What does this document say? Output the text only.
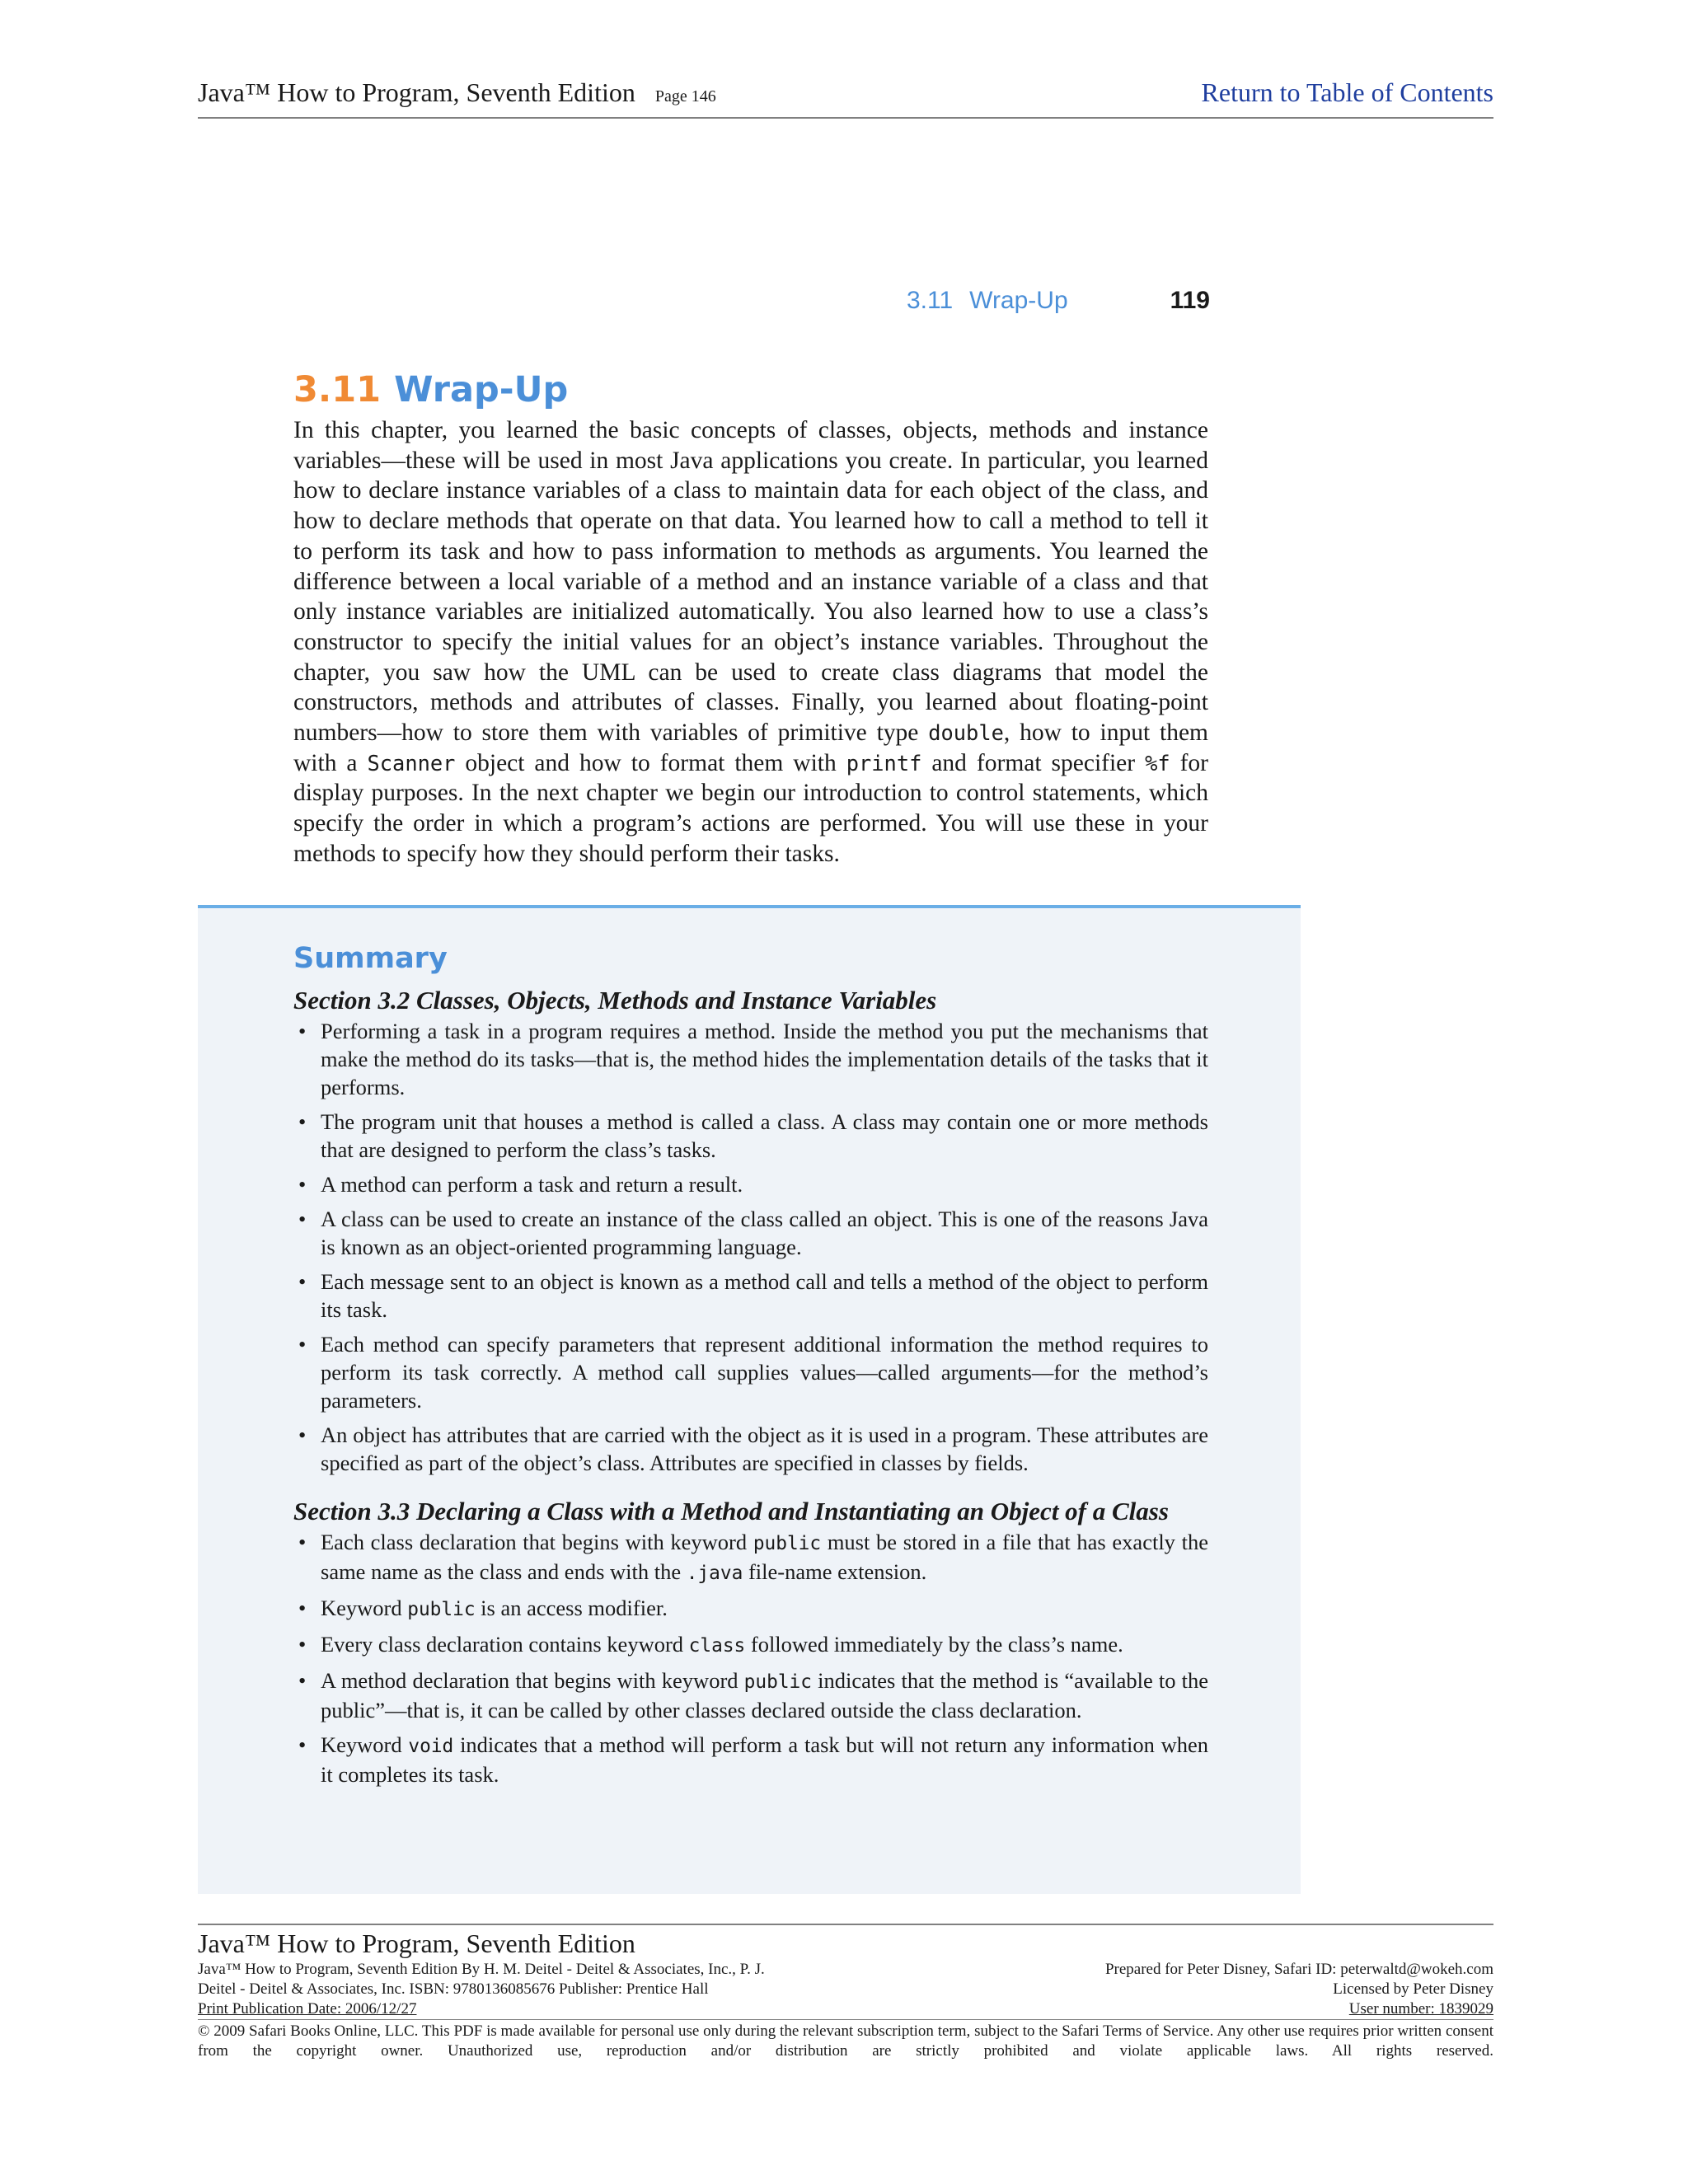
Java™ How to Program, Seventh Edition Page 146	Return to Table of Contents
3.11 Wrap-Up	119
3.11 Wrap-Up

In this chapter, you learned the basic concepts of classes, objects, methods and instance variables—these will be used in most Java applications you create. In particular, you learned how to declare instance variables of a class to maintain data for each object of the class, and how to declare methods that operate on that data. You learned how to call a method to tell it to perform its task and how to pass information to methods as arguments. You learned the difference between a local variable of a method and an instance variable of a class and that only instance variables are initialized automatically. You also learned how to use a class’s constructor to specify the initial values for an object’s instance variables. Throughout the chapter, you saw how the UML can be used to create class diagrams that model the constructors, methods and attributes of classes. Finally, you learned about floating-point numbers—how to store them with variables of primitive type double, how to input them with a Scanner object and how to format them with printf and format specifier %f for display purposes. In the next chapter we begin our introduction to control statements, which specify the order in which a program’s actions are performed. You will use these in your methods to specify how they should perform their tasks.

Summary

Section 3.2 Classes, Objects, Methods and Instance Variables

• Performing a task in a program requires a method. Inside the method you put the mechanisms that make the method do its tasks—that is, the method hides the implementation details of the tasks that it performs.
• The program unit that houses a method is called a class. A class may contain one or more methods that are designed to perform the class’s tasks.
• A method can perform a task and return a result.
• A class can be used to create an instance of the class called an object. This is one of the reasons Java is known as an object-oriented programming language.
• Each message sent to an object is known as a method call and tells a method of the object to perform its task.
• Each method can specify parameters that represent additional information the method requires to perform its task correctly. A method call supplies values—called arguments—for the method’s parameters.
• An object has attributes that are carried with the object as it is used in a program. These attributes are specified as part of the object’s class. Attributes are specified in classes by fields.

Section 3.3 Declaring a Class with a Method and Instantiating an Object of a Class

• Each class declaration that begins with keyword public must be stored in a file that has exactly the same name as the class and ends with the .java file-name extension.
• Keyword public is an access modifier.
• Every class declaration contains keyword class followed immediately by the class’s name.
• A method declaration that begins with keyword public indicates that the method is “available to the public”—that is, it can be called by other classes declared outside the class declaration.
• Keyword void indicates that a method will perform a task but will not return any information when it completes its task.
Java™ How to Program, Seventh Edition
Java™ How to Program, Seventh Edition By H. M. Deitel - Deitel & Associates, Inc., P. J.
Deitel - Deitel & Associates, Inc. ISBN: 9780136085676 Publisher: Prentice Hall
Print Publication Date: 2006/12/27
Prepared for Peter Disney, Safari ID: peterwaltd@wokeh.com
Licensed by Peter Disney
User number: 1839029
© 2009 Safari Books Online, LLC. This PDF is made available for personal use only during the relevant subscription term, subject to the Safari Terms of Service. Any other use requires prior written consent from the copyright owner. Unauthorized use, reproduction and/or distribution are strictly prohibited and violate applicable laws. All rights reserved.
